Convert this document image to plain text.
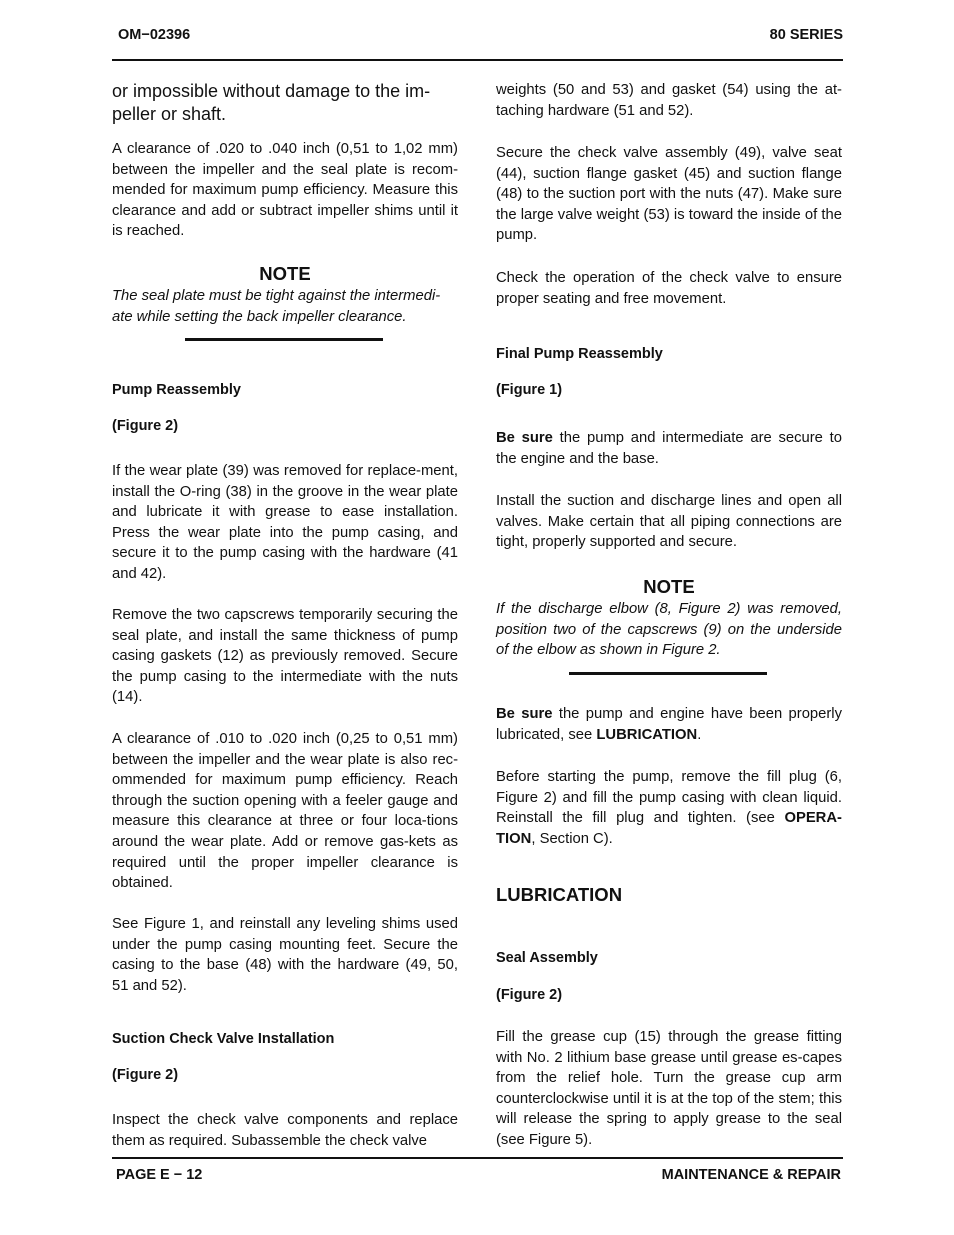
OM−02396	80 SERIES

or impossible without damage to the im-peller or shaft.

A clearance of .020 to .040 inch (0,51 to 1,02 mm) between the impeller and the seal plate is recom-mended for maximum pump efficiency. Measure this clearance and add or subtract impeller shims until it is reached.

NOTE

The seal plate must be tight against the intermedi-ate while setting the back impeller clearance.

Pump Reassembly
(Figure 2)

If the wear plate (39) was removed for replace-ment, install the O-ring (38) in the groove in the wear plate and lubricate it with grease to ease installation. Press the wear plate into the pump casing, and secure it to the pump casing with the hardware (41 and 42).

Remove the two capscrews temporarily securing the seal plate, and install the same thickness of pump casing gaskets (12) as previously removed. Secure the pump casing to the intermediate with the nuts (14).

A clearance of .010 to .020 inch (0,25 to 0,51 mm) between the impeller and the wear plate is also rec-ommended for maximum pump efficiency. Reach through the suction opening with a feeler gauge and measure this clearance at three or four loca-tions around the wear plate. Add or remove gas-kets as required until the proper impeller clearance is obtained.

See Figure 1, and reinstall any leveling shims used under the pump casing mounting feet. Secure the casing to the base (48) with the hardware (49, 50, 51 and 52).

Suction Check Valve Installation
(Figure 2)

Inspect the check valve components and replace them as required. Subassemble the check valve

weights (50 and 53) and gasket (54) using the at-taching hardware (51 and 52).

Secure the check valve assembly (49), valve seat (44), suction flange gasket (45) and suction flange (48) to the suction port with the nuts (47). Make sure the large valve weight (53) is toward the inside of the pump.

Check the operation of the check valve to ensure proper seating and free movement.

Final Pump Reassembly
(Figure 1)

Be sure the pump and intermediate are secure to the engine and the base.

Install the suction and discharge lines and open all valves. Make certain that all piping connections are tight, properly supported and secure.

NOTE

If the discharge elbow (8, Figure 2) was removed, position two of the capscrews (9) on the underside of the elbow as shown in Figure 2.

Be sure the pump and engine have been properly lubricated, see LUBRICATION.

Before starting the pump, remove the fill plug (6, Figure 2) and fill the pump casing with clean liquid. Reinstall the fill plug and tighten. (see OPERA-TION, Section C).

LUBRICATION
Seal Assembly
(Figure 2)

Fill the grease cup (15) through the grease fitting with No. 2 lithium base grease until grease es-capes from the relief hole. Turn the grease cup arm counterclockwise until it is at the top of the stem; this will release the spring to apply grease to the seal (see Figure 5).

PAGE E − 12	MAINTENANCE & REPAIR
